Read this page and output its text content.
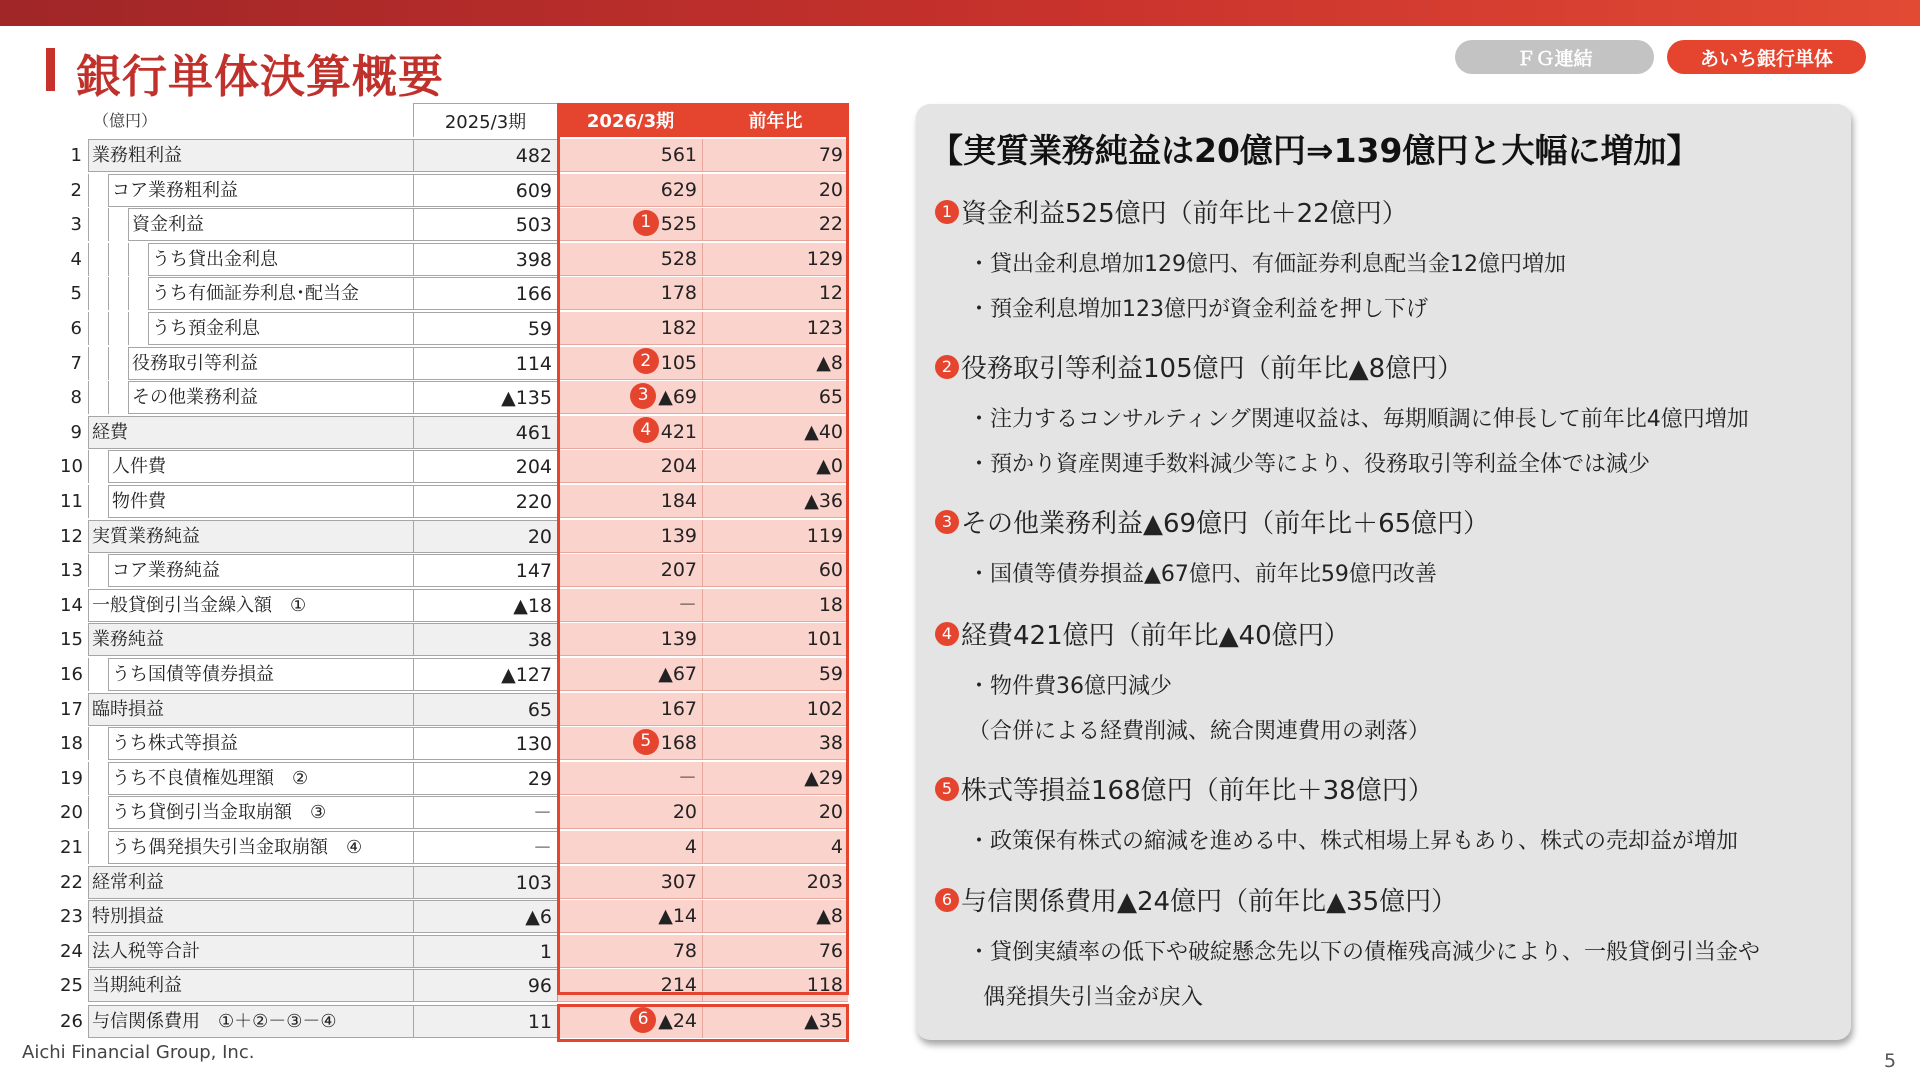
銀行単体決算概要	ＦＧ連結	あいち銀行単体
（億円）	2025/3期	2026/3期	前年比
1 業務粗利益	482	561	79
2 コア業務粗利益	609	629	20
3	資金利益	503	1 525	22
4	うち貸出金利息	398	528	129
5	うち有価証券利息･配当金	166	178	12
6	うち預金利息	59	182	123
7	役務取引等利益	114	2 105	▲8
8	その他業務利益	▲135	3 ▲69	65
9 経費	461	4 421	▲40
10 人件費	204	204	▲0
11 物件費	220	184	▲36
12 実質業務純益	20	139	119
13 コア業務純益	147	207	60
14 一般貸倒引当金繰入額　①	▲18	－	18
15 業務純益	38	139	101
16 うち国債等債券損益	▲127	▲67	59
17 臨時損益	65	167	102
18 うち株式等損益	130	5 168	38
19 うち不良債権処理額　②	29	－	▲29
20 うち貸倒引当金取崩額　③	－	20	20
21 うち偶発損失引当金取崩額　④	－	4	4
22 経常利益	103	307	203
23 特別損益	▲6	▲14	▲8
24 法人税等合計	1	78	76
25 当期純利益	96	214	118
26 与信関係費用　①＋②－③－④	11	6 ▲24	▲35
【実質業務純益は20億円⇒139億円と大幅に増加】
1 資金利益525億円（前年比＋22億円）
・貸出金利息増加129億円、有価証券利息配当金12億円増加
・預金利息増加123億円が資金利益を押し下げ
2 役務取引等利益105億円（前年比▲8億円）
・注力するコンサルティング関連収益は、毎期順調に伸長して前年比4億円増加
・預かり資産関連手数料減少等により、役務取引等利益全体では減少
3 その他業務利益▲69億円（前年比＋65億円）
・国債等債券損益▲67億円、前年比59億円改善
4 経費421億円（前年比▲40億円）
・物件費36億円減少
（合併による経費削減、統合関連費用の剥落）
5 株式等損益168億円（前年比＋38億円）
・政策保有株式の縮減を進める中、株式相場上昇もあり、株式の売却益が増加
6 与信関係費用▲24億円（前年比▲35億円）
・貸倒実績率の低下や破綻懸念先以下の債権残高減少により、一般貸倒引当金や
偶発損失引当金が戻入
Aichi Financial Group, Inc.	5
